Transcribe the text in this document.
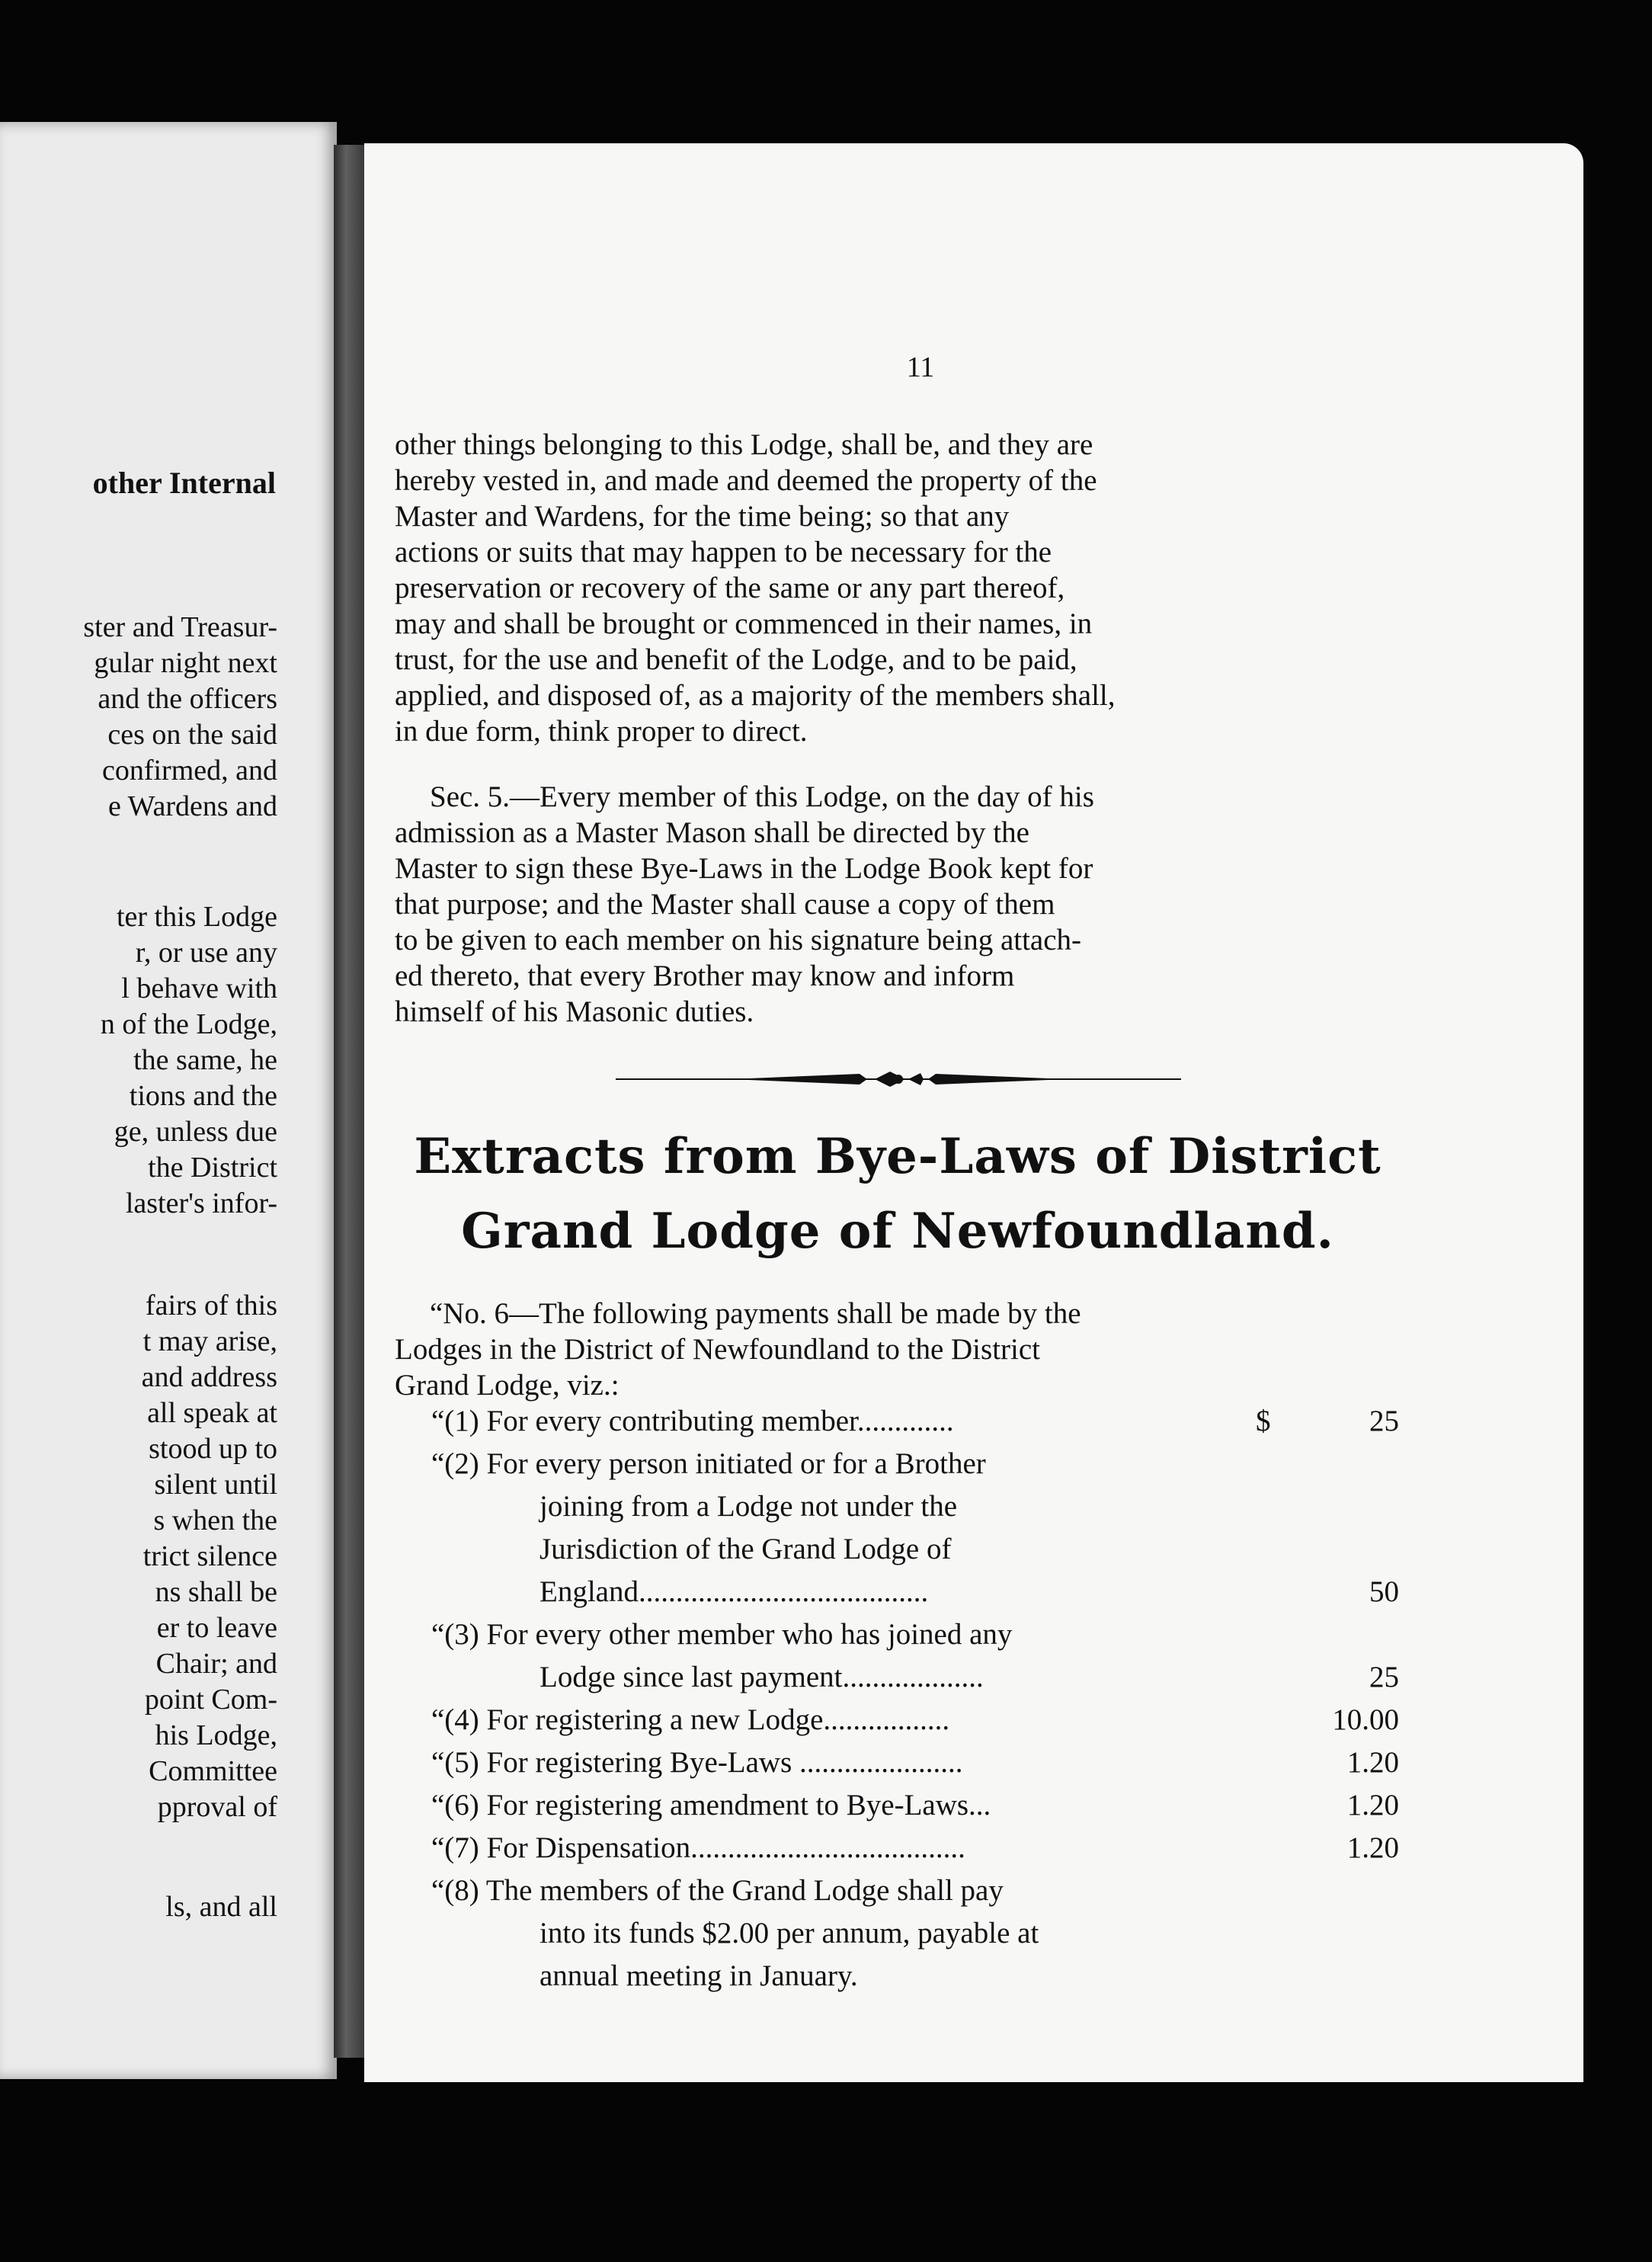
other Internal
ster and Treasur-
gular night next
and the officers
ces on the said
confirmed, and
e Wardens and
ter this Lodge
r, or use any
l behave with
n of the Lodge,
the same, he
tions and the
ge, unless due
the District
laster's infor-
fairs of this
t may arise,
and address
all speak at
stood up to
silent until
s when the
trict silence
ns shall be
er to leave
Chair; and
point Com-
his Lodge,
Committee
pproval of
ls, and all
11
other things belonging to this Lodge, shall be, and they are
hereby vested in, and made and deemed the property of the
Master and Wardens, for the time being; so that any
actions or suits that may happen to be necessary for the
preservation or recovery of the same or any part thereof,
may and shall be brought or commenced in their names, in
trust, for the use and benefit of the Lodge, and to be paid,
applied, and disposed of, as a majority of the members shall,
in due form, think proper to direct.
Sec. 5.—Every member of this Lodge, on the day of his
admission as a Master Mason shall be directed by the
Master to sign these Bye-Laws in the Lodge Book kept for
that purpose; and the Master shall cause a copy of them
to be given to each member on his signature being attach-
ed thereto, that every Brother may know and inform
himself of his Masonic duties.
Extracts from Bye-Laws of District
Grand Lodge of Newfoundland.
“No. 6—The following payments shall be made by the
Lodges in the District of Newfoundland to the District
Grand Lodge, viz.:
“(1) For every contributing member.............	$	25
“(2) For every person initiated or for a Brother
joining from a Lodge not under the
Jurisdiction of the Grand Lodge of
England.......................................	50
“(3) For every other member who has joined any
Lodge since last payment...................	25
“(4) For registering a new Lodge.................	10.00
“(5) For registering Bye-Laws ......................	1.20
“(6) For registering amendment to Bye-Laws...	1.20
“(7) For Dispensation.....................................	1.20
“(8) The members of the Grand Lodge shall pay
into its funds $2.00 per annum, payable at
annual meeting in January.
